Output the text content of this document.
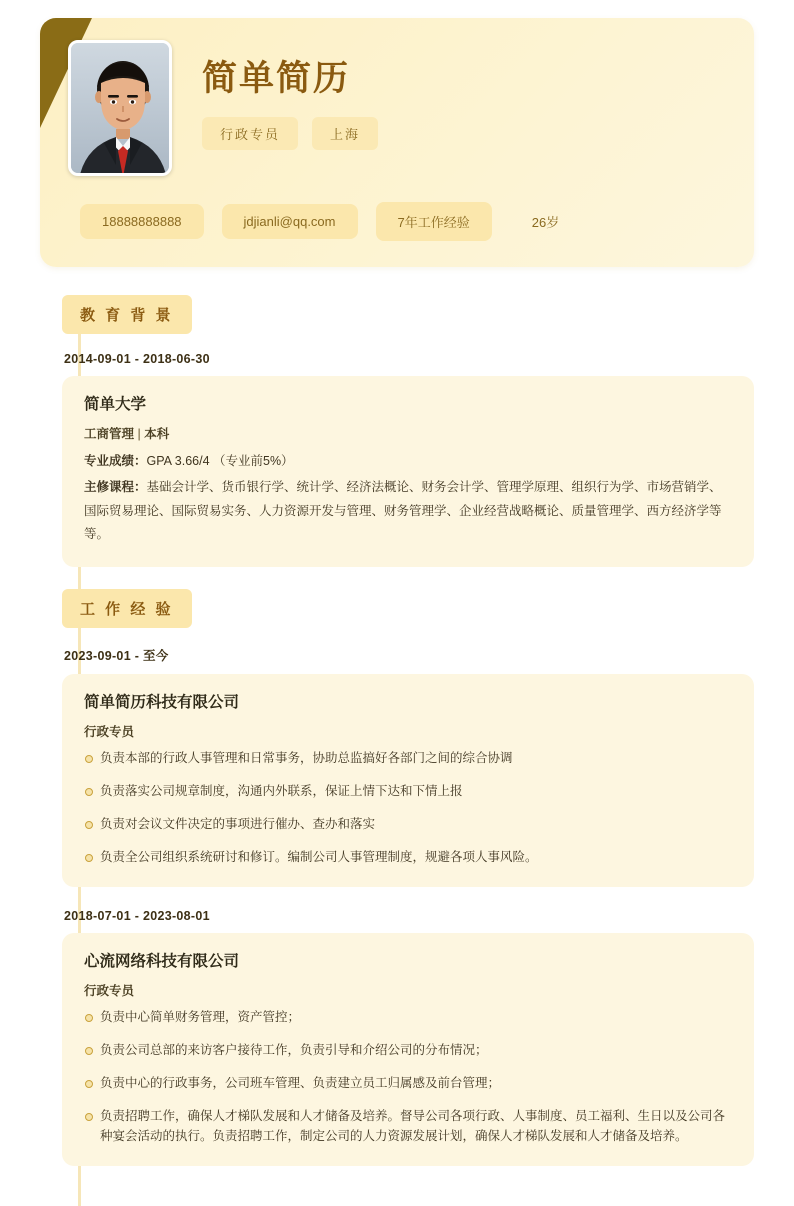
简单简历
行政专员	上海
18888888888	jdjianli@qq.com	7年工作经验	26岁
教 育 背 景
2014-09-01 - 2018-06-30
简单大学
工商管理 | 本科

专业成绩：GPA 3.66/4 （专业前5%）

主修课程：基础会计学、货币银行学、统计学、经济法概论、财务会计学、管理学原理、组织行为学、市场营销学、国际贸易理论、国际贸易实务、人力资源开发与管理、财务管理学、企业经营战略概论、质量管理学、西方经济学等等。

工 作 经 验
2023-09-01 - 至今
简单简历科技有限公司
行政专员
负责本部的行政人事管理和日常事务，协助总监搞好各部门之间的综合协调
负责落实公司规章制度，沟通内外联系，保证上情下达和下情上报
负责对会议文件决定的事项进行催办、查办和落实
负责全公司组织系统研讨和修订。编制公司人事管理制度，规避各项人事风险。
2018-07-01 - 2023-08-01
心流网络科技有限公司
行政专员
负责中心简单财务管理，资产管控；
负责公司总部的来访客户接待工作，负责引导和介绍公司的分布情况；
负责中心的行政事务，公司班车管理、负责建立员工归属感及前台管理；
负责招聘工作，确保人才梯队发展和人才储备及培养。督导公司各项行政、人事制度、员工福利、生日以及公司各种宴会活动的执行。负责招聘工作，制定公司的人力资源发展计划，确保人才梯队发展和人才储备及培养。
